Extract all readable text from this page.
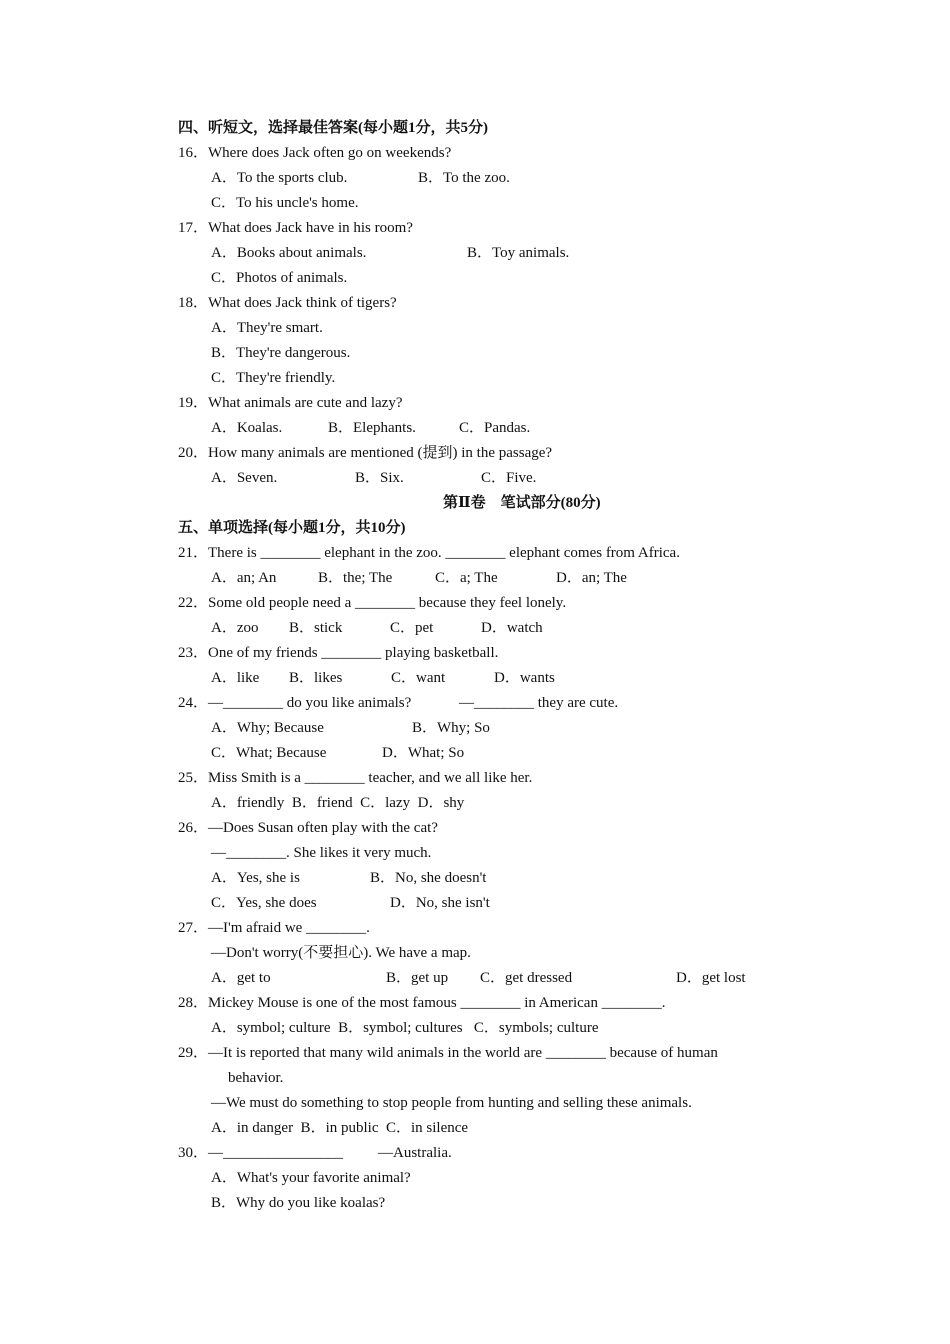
四、听短文，选择最佳答案(每小题1分，共5分)
16．Where does Jack often go on weekends?
A．To the sports club.	B．To the zoo.
C．To his uncle's home.
17．What does Jack have in his room?
A．Books about animals.	B．Toy animals.
C．Photos of animals.
18．What does Jack think of tigers?
A．They're smart.
B．They're dangerous.
C．They're friendly.
19．What animals are cute and lazy?
A．Koalas.	B．Elephants.	C．Pandas.
20．How many animals are mentioned (提到) in the passage?
A．Seven.	B．Six.	C．Five.
第Ⅱ卷　笔试部分(80分)
五、单项选择(每小题1分，共10分)
21．There is ________ elephant in the zoo. ________ elephant comes from Africa.
A．an; An	B．the; The	C．a; The	D．an; The
22．Some old people need a ________ because they feel lonely.
A．zoo B．stick	C．pet	D．watch
23．One of my friends ________ playing basketball.
A．like B．likes	C．want	D．wants
24．—________ do you like animals?	—________ they are cute.
A．Why; Because	B．Why; So
C．What; Because	D．What; So
25．Miss Smith is a ________ teacher, and we all like her.
A．friendly  B．friend  C．lazy  D．shy
26．—Does Susan often play with the cat?
—________. She likes it very much.
A．Yes, she is	B．No, she doesn't
C．Yes, she does	D．No, she isn't
27．—I'm afraid we ________.
—Don't worry(不要担心). We have a map.
A．get to	B．get up C．get dressed	D．get lost
28．Mickey Mouse is one of the most famous ________ in American ________.
A．symbol; culture  B．symbol; cultures   C．symbols; culture
29．—It is reported that many wild animals in the world are ________ because of human
behavior.
—We must do something to stop people from hunting and selling these animals.
A．in danger  B．in public  C．in silence
30．—________________ —Australia.
A．What's your favorite animal?
B．Why do you like koalas?
